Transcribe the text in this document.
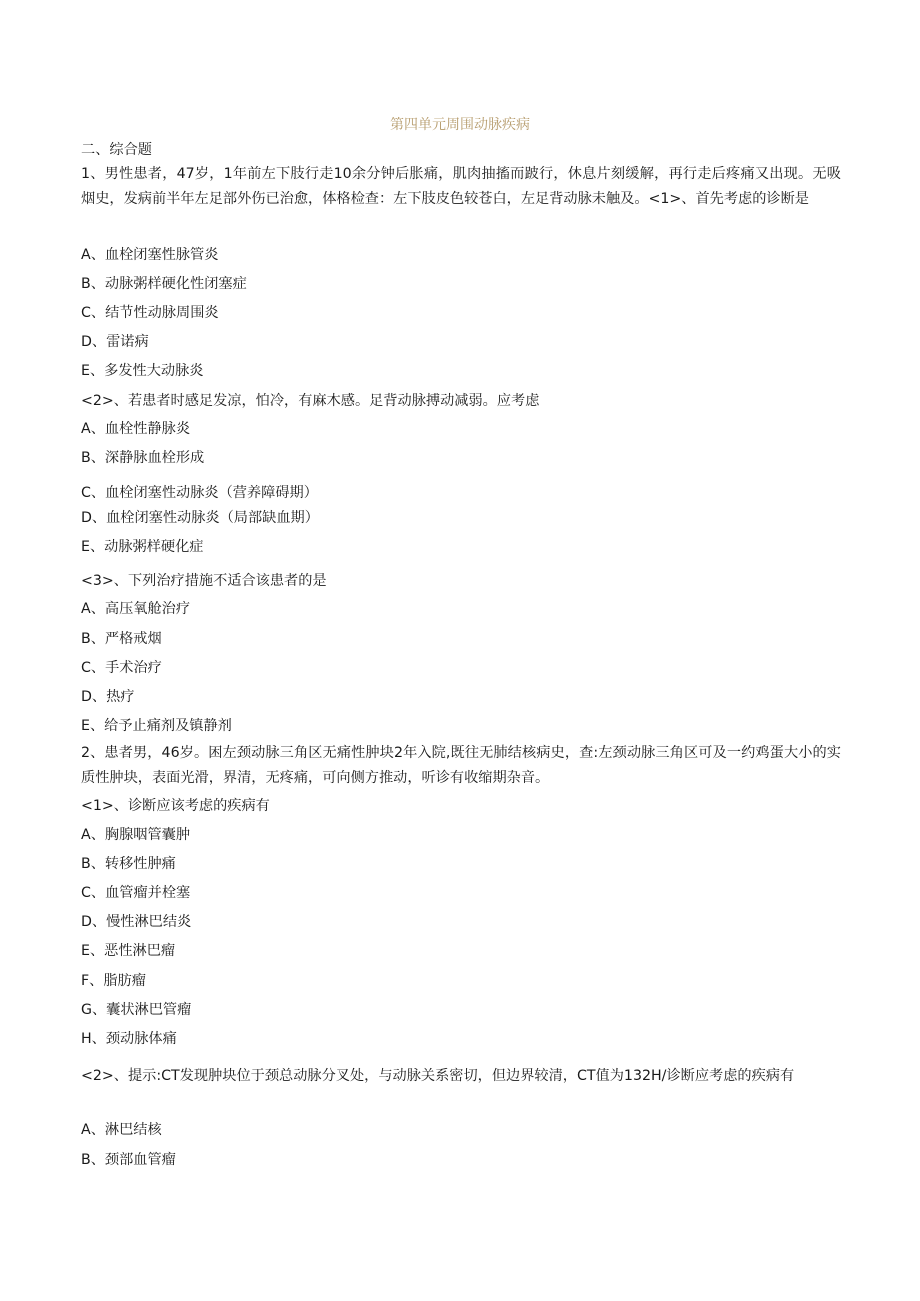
第四单元周围动脉疾病
二、综合题
1、男性患者，47岁，1年前左下肢行走10余分钟后胀痛，肌肉抽搐而跛行，休息片刻缓解，再行走后疼痛又出现。无吸烟史，发病前半年左足部外伤已治愈，体格检查：左下肢皮色较苍白，左足背动脉未触及。<1>、首先考虑的诊断是
A、血栓闭塞性脉管炎
B、动脉粥样硬化性闭塞症
C、结节性动脉周围炎
D、雷诺病
E、多发性大动脉炎
<2>、若患者时感足发凉，怕冷，有麻木感。足背动脉搏动减弱。应考虑
A、血栓性静脉炎
B、深静脉血栓形成
C、血栓闭塞性动脉炎（营养障碍期）
D、血栓闭塞性动脉炎（局部缺血期）
E、动脉粥样硬化症
<3>、下列治疗措施不适合该患者的是
A、高压氧舱治疗
B、严格戒烟
C、手术治疗
D、热疗
E、给予止痛剂及镇静剂
2、患者男，46岁。困左颈动脉三角区无痛性肿块2年入院,既往无肺结核病史，查:左颈动脉三角区可及一约鸡蛋大小的实质性肿块，表面光滑，界清，无疼痛，可向侧方推动，听诊有收缩期杂音。
<1>、诊断应该考虑的疾病有
A、胸腺咽管囊肿
B、转移性肿痛
C、血管瘤并栓塞
D、慢性淋巴结炎
E、恶性淋巴瘤
F、脂肪瘤
G、囊状淋巴管瘤
H、颈动脉体痛
<2>、提示:CT发现肿块位于颈总动脉分叉处，与动脉关系密切，但边界较清，CT值为132H/诊断应考虑的疾病有
A、淋巴结核
B、颈部血管瘤
